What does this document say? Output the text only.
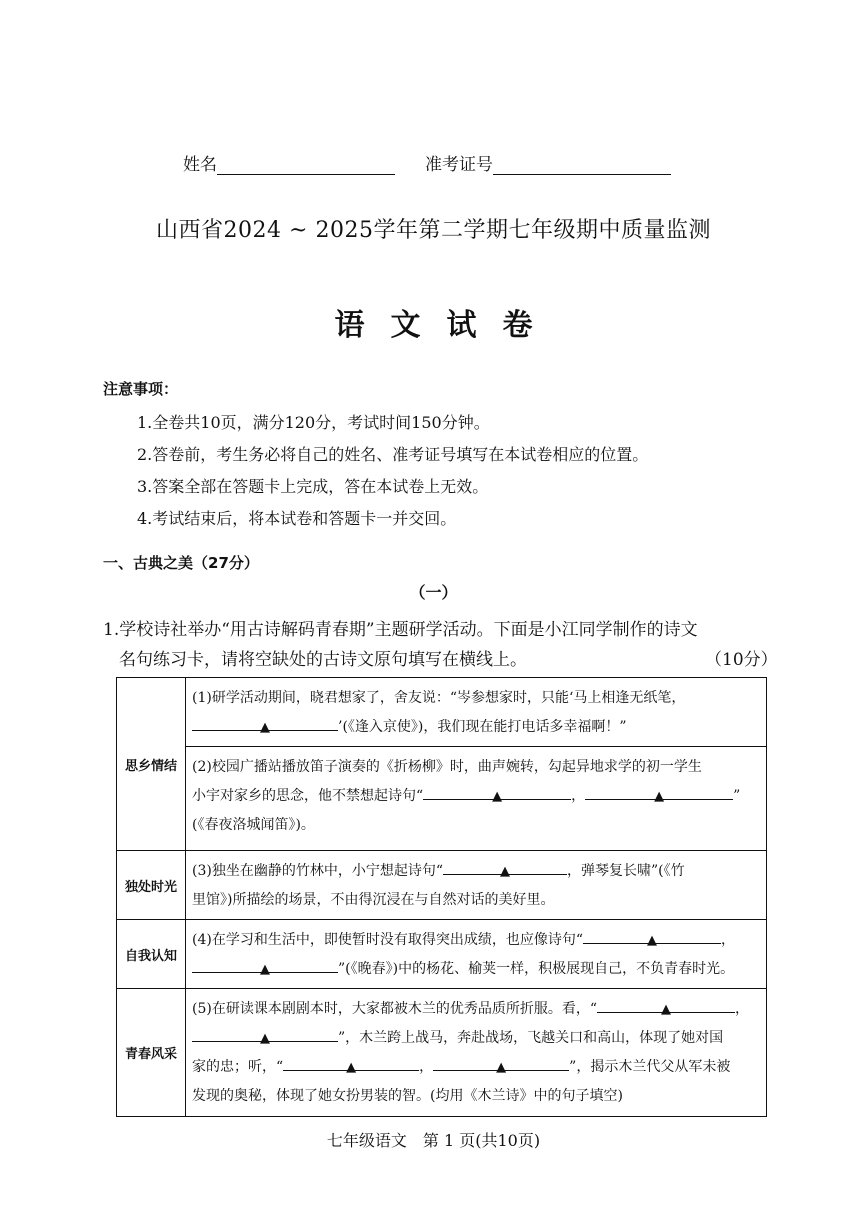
姓名	准考证号
山西省2024 ~ 2025学年第二学期七年级期中质量监测
语文试卷
注意事项：
1.全卷共10页，满分120分，考试时间150分钟。
2.答卷前，考生务必将自己的姓名、准考证号填写在本试卷相应的位置。
3.答案全部在答题卡上完成，答在本试卷上无效。
4.考试结束后，将本试卷和答题卡一并交回。
一、古典之美（27分）
（一）
1.学校诗社举办“用古诗解码青春期”主题研学活动。下面是小江同学制作的诗文
名句练习卡，请将空缺处的古诗文原句填写在横线上。	（10分）
思乡情结	(1)研学活动期间，晓君想家了，舍友说：“岑参想家时，只能‘马上相逢无纸笔，
▲ ’(《逢入京使》)，我们现在能打电话多幸福啊！”
	(2)校园广播站播放笛子演奏的《折杨柳》时，曲声婉转，勾起异地求学的初一学生
小宇对家乡的思念，他不禁想起诗句“ ▲ ， ▲ ”
(《春夜洛城闻笛》)。
独处时光	(3)独坐在幽静的竹林中，小宁想起诗句“ ▲ ，弹琴复长啸”(《竹
里馆》)所描绘的场景，不由得沉浸在与自然对话的美好里。
自我认知	(4)在学习和生活中，即使暂时没有取得突出成绩，也应像诗句“ ▲ ，
▲ ”(《晚春》)中的杨花、榆荚一样，积极展现自己，不负青春时光。
青春风采	(5)在研读课本剧剧本时，大家都被木兰的优秀品质所折服。看，“ ▲ ，
▲ ”，木兰跨上战马，奔赴战场，飞越关口和高山，体现了她对国
家的忠；听，“ ▲ ， ▲ ”，揭示木兰代父从军未被
发现的奥秘，体现了她女扮男装的智。(均用《木兰诗》中的句子填空)
七年级语文　第 1 页(共10页)
